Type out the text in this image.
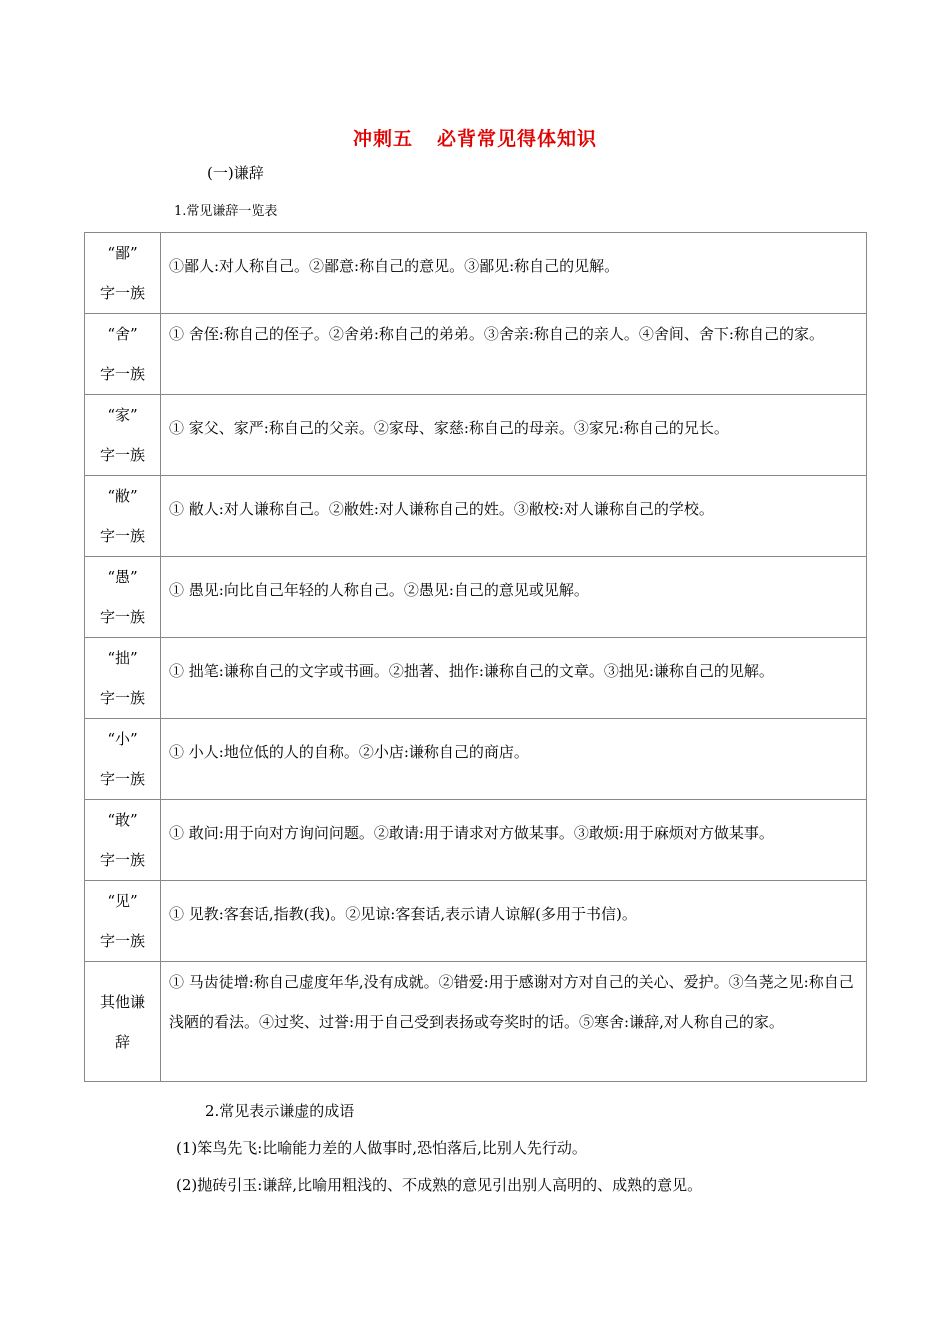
冲刺五 必背常见得体知识
(一)谦辞
1.常见谦辞一览表
“鄙”
字一族	①鄙人:对人称自己。②鄙意:称自己的意见。③鄙见:称自己的见解。

“舍”
字一族	① 舍侄:称自己的侄子。②舍弟:称自己的弟弟。③舍亲:称自己的亲人。④舍间、舍下:称自己的家。

“家”
字一族	① 家父、家严:称自己的父亲。②家母、家慈:称自己的母亲。③家兄:称自己的兄长。

“敝”
字一族	① 敝人:对人谦称自己。②敝姓:对人谦称自己的姓。③敝校:对人谦称自己的学校。

“愚”
字一族	① 愚见:向比自己年轻的人称自己。②愚见:自己的意见或见解。

“拙”
字一族	① 拙笔:谦称自己的文字或书画。②拙著、拙作:谦称自己的文章。③拙见:谦称自己的见解。

“小”
字一族	① 小人:地位低的人的自称。②小店:谦称自己的商店。

“敢”
字一族	① 敢问:用于向对方询问问题。②敢请:用于请求对方做某事。③敢烦:用于麻烦对方做某事。

“见”
字一族	① 见教:客套话,指教(我)。②见谅:客套话,表示请人谅解(多用于书信)。

其他谦
辞	① 马齿徒增:称自己虚度年华,没有成就。②错爱:用于感谢对方对自己的关心、爱护。③刍荛之见:称自己浅陋的看法。④过奖、过誉:用于自己受到表扬或夸奖时的话。⑤寒舍:谦辞,对人称自己的家。
2.常见表示谦虚的成语
(1)笨鸟先飞:比喻能力差的人做事时,恐怕落后,比别人先行动。
(2)抛砖引玉:谦辞,比喻用粗浅的、不成熟的意见引出别人高明的、成熟的意见。
